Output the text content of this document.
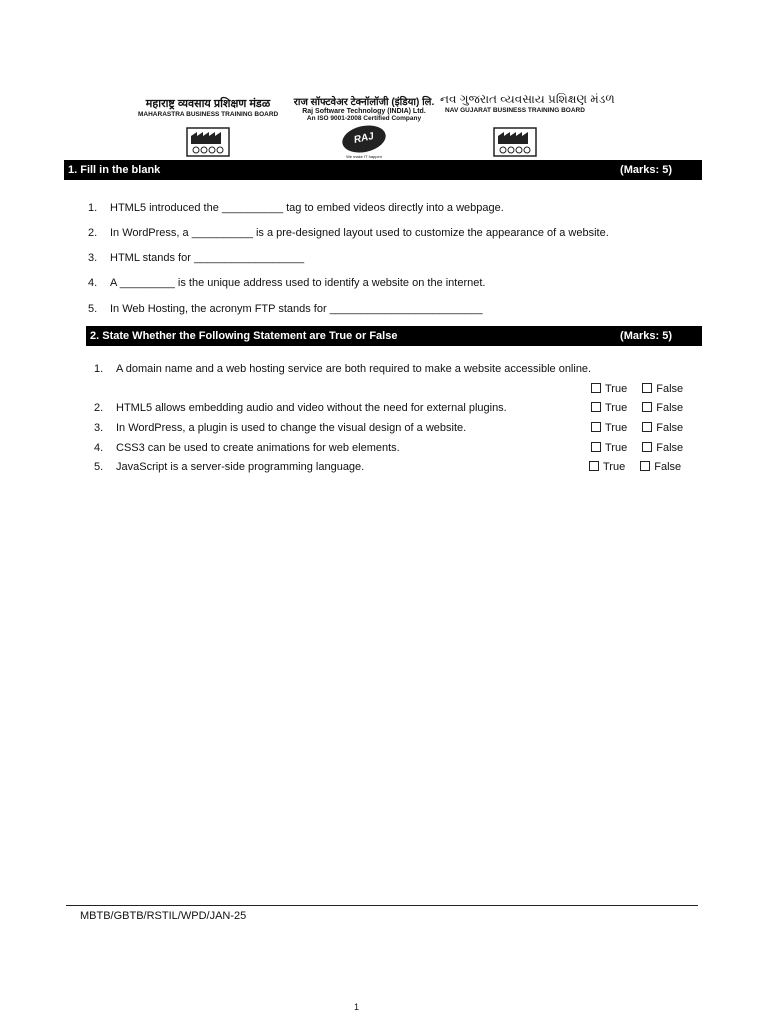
महाराष्ट्र व्यवसाय प्रशिक्षण मंडळ
MAHARASTRA BUSINESS TRAINING BOARD
राज सॉफ्टवेअर टेक्नॉलॉजी (इंडिया) लि.
Raj Software Technology (INDIA) Ltd.
An ISO 9001-2008 Certified Company
RAJ
We make IT happen
નવ ગુજરાત વ્યવસાય પ્રશિક્ષણ મંડળ
NAV GUJARAT BUSINESS TRAINING BOARD
1. Fill in the blank	(Marks: 5)
1. HTML5 introduced the __________ tag to embed videos directly into a webpage.
2. In WordPress, a __________ is a pre-designed layout used to customize the appearance of a website.
3. HTML stands for __________________
4. A _________ is the unique address used to identify a website on the internet.
5. In Web Hosting, the acronym FTP stands for _________________________
2. State Whether the Following Statement are True or False	(Marks: 5)
1. A domain name and a web hosting service are both required to make a website accessible online.
True	False
2. HTML5 allows embedding audio and video without the need for external plugins.	True	False
3. In WordPress, a plugin is used to change the visual design of a website.	True	False
4. CSS3 can be used to create animations for web elements.	True	False
5. JavaScript is a server-side programming language.	True	False
MBTB/GBTB/RSTIL/WPD/JAN-25
1
